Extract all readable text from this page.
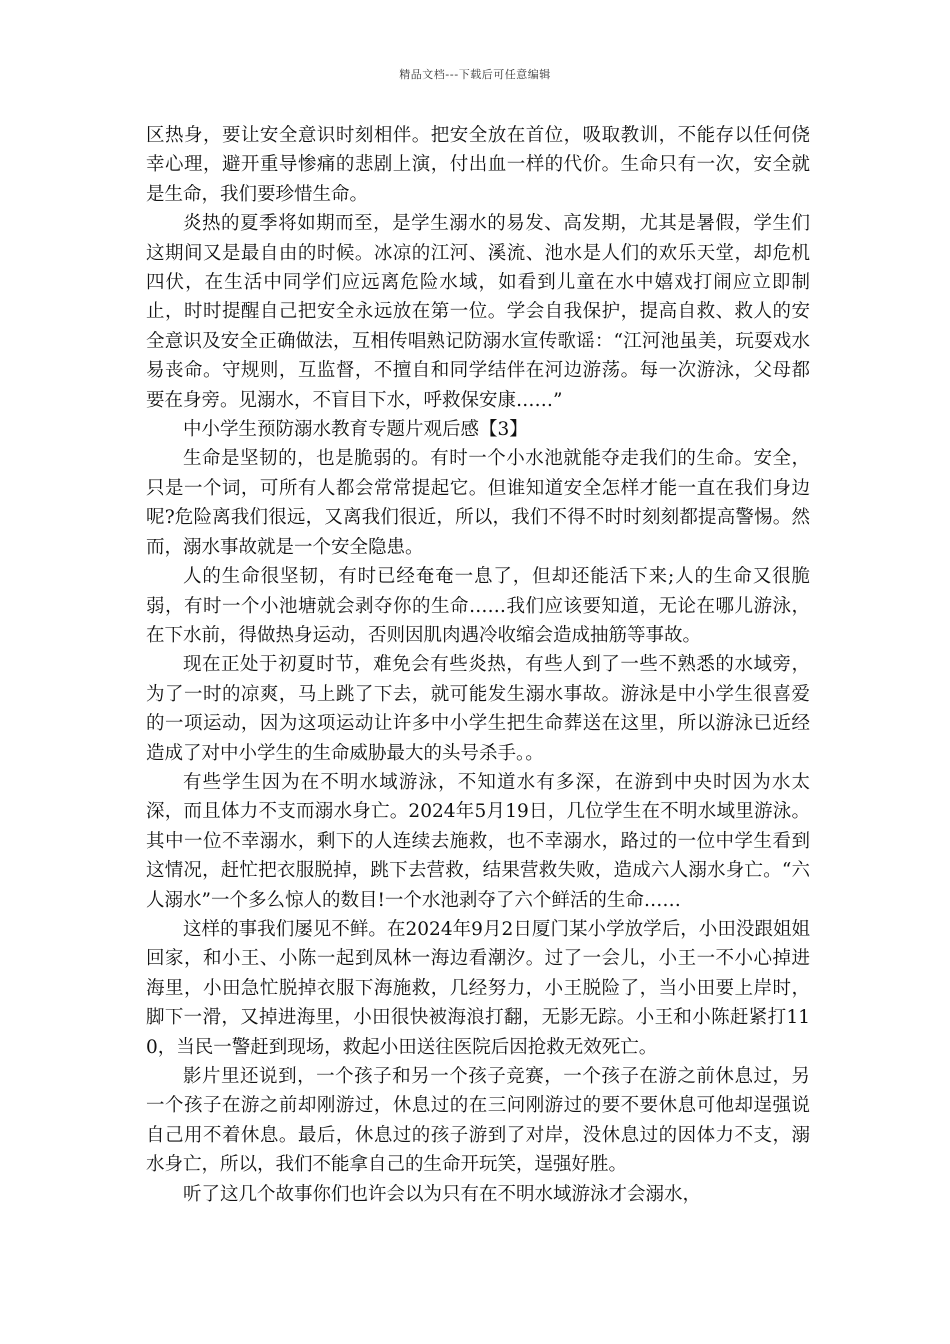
精品文档---下载后可任意编辑

区热身，要让安全意识时刻相伴。把安全放在首位，吸取教训，不能存以任何侥幸心理，避开重导惨痛的悲剧上演，付出血一样的代价。生命只有一次，安全就是生命，我们要珍惜生命。

炎热的夏季将如期而至，是学生溺水的易发、高发期，尤其是暑假，学生们这期间又是最自由的时候。冰凉的江河、溪流、池水是人们的欢乐天堂，却危机四伏，在生活中同学们应远离危险水域，如看到儿童在水中嬉戏打闹应立即制止，时时提醒自己把安全永远放在第一位。学会自我保护，提高自救、救人的安全意识及安全正确做法，互相传唱熟记防溺水宣传歌谣：“江河池虽美，玩耍戏水易丧命。守规则，互监督，不擅自和同学结伴在河边游荡。每一次游泳，父母都要在身旁。见溺水，不盲目下水，呼救保安康……”

中小学生预防溺水教育专题片观后感【3】

生命是坚韧的，也是脆弱的。有时一个小水池就能夺走我们的生命。安全，只是一个词，可所有人都会常常提起它。但谁知道安全怎样才能一直在我们身边呢?危险离我们很远，又离我们很近，所以，我们不得不时时刻刻都提高警惕。然而，溺水事故就是一个安全隐患。

人的生命很坚韧，有时已经奄奄一息了，但却还能活下来;人的生命又很脆弱，有时一个小池塘就会剥夺你的生命……我们应该要知道，无论在哪儿游泳，在下水前，得做热身运动，否则因肌肉遇冷收缩会造成抽筋等事故。

现在正处于初夏时节，难免会有些炎热，有些人到了一些不熟悉的水域旁，为了一时的凉爽，马上跳了下去，就可能发生溺水事故。游泳是中小学生很喜爱的一项运动，因为这项运动让许多中小学生把生命葬送在这里，所以游泳已近经造成了对中小学生的生命威胁最大的头号杀手。。

有些学生因为在不明水域游泳，不知道水有多深，在游到中央时因为水太深，而且体力不支而溺水身亡。2024年5月19日，几位学生在不明水域里游泳。其中一位不幸溺水，剩下的人连续去施救，也不幸溺水，路过的一位中学生看到这情况，赶忙把衣服脱掉，跳下去营救，结果营救失败，造成六人溺水身亡。“六人溺水”一个多么惊人的数目!一个水池剥夺了六个鲜活的生命……

这样的事我们屡见不鲜。在2024年9月2日厦门某小学放学后，小田没跟姐姐回家，和小王、小陈一起到凤林一海边看潮汐。过了一会儿，小王一不小心掉进海里，小田急忙脱掉衣服下海施救，几经努力，小王脱险了，当小田要上岸时，脚下一滑，又掉进海里，小田很快被海浪打翻，无影无踪。小王和小陈赶紧打110，当民一警赶到现场，救起小田送往医院后因抢救无效死亡。

影片里还说到，一个孩子和另一个孩子竞赛，一个孩子在游之前休息过，另一个孩子在游之前却刚游过，休息过的在三问刚游过的要不要休息可他却逞强说自己用不着休息。最后，休息过的孩子游到了对岸，没休息过的因体力不支，溺水身亡，所以，我们不能拿自己的生命开玩笑，逞强好胜。

听了这几个故事你们也许会以为只有在不明水域游泳才会溺水，
